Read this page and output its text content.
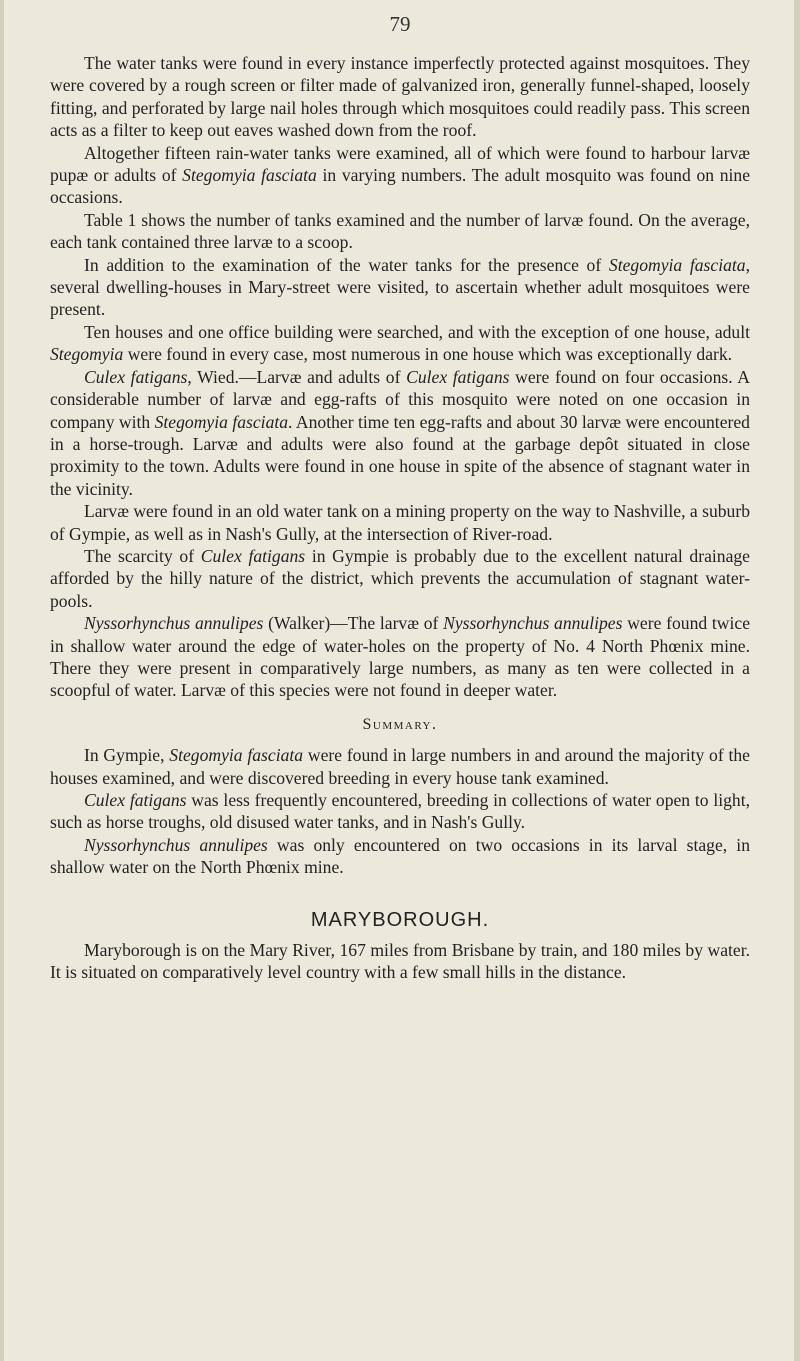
79

The water tanks were found in every instance imperfectly protected against mosquitoes. They were covered by a rough screen or filter made of galvanized iron, generally funnel-shaped, loosely fitting, and perforated by large nail holes through which mosquitoes could readily pass. This screen acts as a filter to keep out eaves washed down from the roof.

Altogether fifteen rain-water tanks were examined, all of which were found to harbour larvæ pupæ or adults of Stegomyia fasciata in varying numbers. The adult mosquito was found on nine occasions.

Table 1 shows the number of tanks examined and the number of larvæ found. On the average, each tank contained three larvæ to a scoop.

In addition to the examination of the water tanks for the presence of Stegomyia fasciata, several dwelling-houses in Mary-street were visited, to ascertain whether adult mosquitoes were present.

Ten houses and one office building were searched, and with the exception of one house, adult Stegomyia were found in every case, most numerous in one house which was exceptionally dark.

Culex fatigans, Wied.—Larvæ and adults of Culex fatigans were found on four occasions. A considerable number of larvæ and egg-rafts of this mosquito were noted on one occasion in company with Stegomyia fasciata. Another time ten egg-rafts and about 30 larvæ were encountered in a horse-trough. Larvæ and adults were also found at the garbage depôt situated in close proximity to the town. Adults were found in one house in spite of the absence of stagnant water in the vicinity.

Larvæ were found in an old water tank on a mining property on the way to Nashville, a suburb of Gympie, as well as in Nash's Gully, at the intersection of River-road.

The scarcity of Culex fatigans in Gympie is probably due to the excellent natural drainage afforded by the hilly nature of the district, which prevents the accumulation of stagnant water-pools.

Nyssorhynchus annulipes (Walker)—The larvæ of Nyssorhynchus annulipes were found twice in shallow water around the edge of water-holes on the property of No. 4 North Phœnix mine. There they were present in comparatively large numbers, as many as ten were collected in a scoopful of water. Larvæ of this species were not found in deeper water.

Summary.

In Gympie, Stegomyia fasciata were found in large numbers in and around the majority of the houses examined, and were discovered breeding in every house tank examined.

Culex fatigans was less frequently encountered, breeding in collections of water open to light, such as horse troughs, old disused water tanks, and in Nash's Gully.

Nyssorhynchus annulipes was only encountered on two occasions in its larval stage, in shallow water on the North Phœnix mine.

MARYBOROUGH.

Maryborough is on the Mary River, 167 miles from Brisbane by train, and 180 miles by water. It is situated on comparatively level country with a few small hills in the distance.
